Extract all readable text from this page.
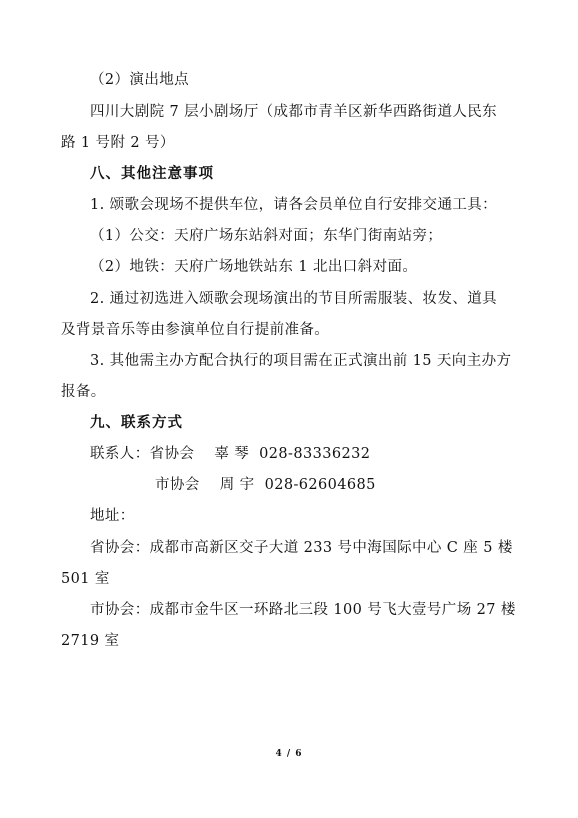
（2）演出地点
四川大剧院 7 层小剧场厅（成都市青羊区新华西路街道人民东
路 1 号附 2 号）
八、其他注意事项
1. 颂歌会现场不提供车位，请各会员单位自行安排交通工具：
（1）公交：天府广场东站斜对面；东华门街南站旁；
（2）地铁：天府广场地铁站东 1 北出口斜对面。
2. 通过初选进入颂歌会现场演出的节目所需服装、妆发、道具
及背景音乐等由参演单位自行提前准备。
3. 其他需主办方配合执行的项目需在正式演出前 15 天向主办方
报备。
九、联系方式
联系人：省协会    辜 琴  028-83336232
市协会    周 宇  028-62604685
地址：
省协会：成都市高新区交子大道 233 号中海国际中心 C 座 5 楼
501 室
市协会：成都市金牛区一环路北三段 100 号飞大壹号广场 27 楼
2719 室
4 / 6
